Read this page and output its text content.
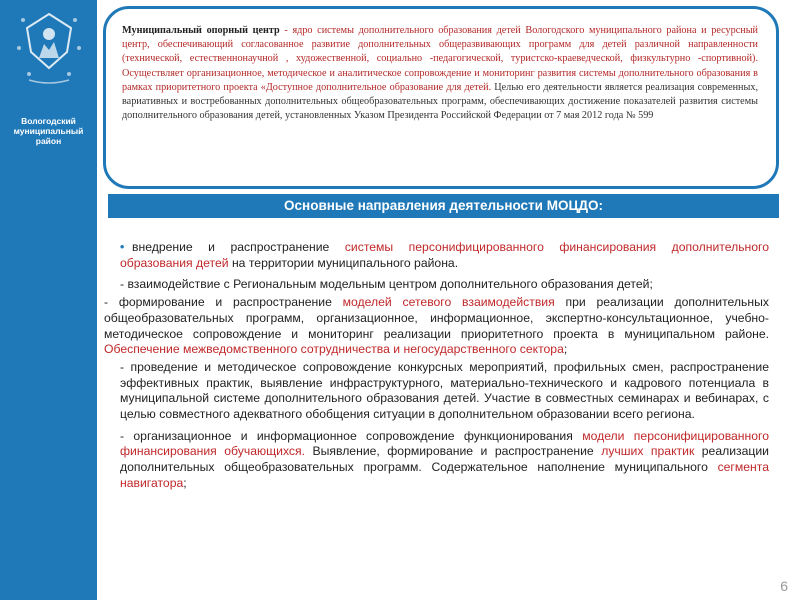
Вологодский муниципальный район
Муниципальный опорный центр - ядро системы дополнительного образования детей Вологодского муниципального района и ресурсный центр, обеспечивающий согласованное развитие дополнительных общеразвивающих программ для детей различной направленности (технической, естественнонаучной , художественной, социально -педагогической, туристско-краеведческой, физкультурно -спортивной). Осуществляет организационное, методическое и аналитическое сопровождение и мониторинг развития системы дополнительного образования в рамках приоритетного проекта «Доступное дополнительное образование для детей. Целью его деятельности является реализация современных, вариативных и востребованных дополнительных общеобразовательных программ, обеспечивающих достижение показателей развития системы дополнительного образования детей, установленных Указом Президента Российской Федерации от 7 мая 2012 года № 599
Основные направления деятельности МОЦДО:

• внедрение и распространение системы персонифицированного финансирования дополнительного образования детей на территории муниципального района.

- взаимодействие с Региональным модельным центром дополнительного образования детей;

- формирование и распространение моделей сетевого взаимодействия при реализации дополнительных общеобразовательных программ, организационное, информационное, экспертно-консультационное, учебно-методическое сопровождение и мониторинг реализации приоритетного проекта в муниципальном районе. Обеспечение межведомственного сотрудничества и негосударственного сектора;

- проведение и методическое сопровождение конкурсных мероприятий, профильных смен, распространение эффективных практик, выявление инфраструктурного, материально-технического и кадрового потенциала в муниципальной системе дополнительного образования детей. Участие в совместных семинарах и вебинарах, с целью совместного адекватного обобщения ситуации в дополнительном образовании всего региона.

- организационное и информационное сопровождение функционирования модели персонифицированного финансирования обучающихся. Выявление, формирование и распространение лучших практик реализации дополнительных общеобразовательных программ. Содержательное наполнение муниципального сегмента навигатора;

6
